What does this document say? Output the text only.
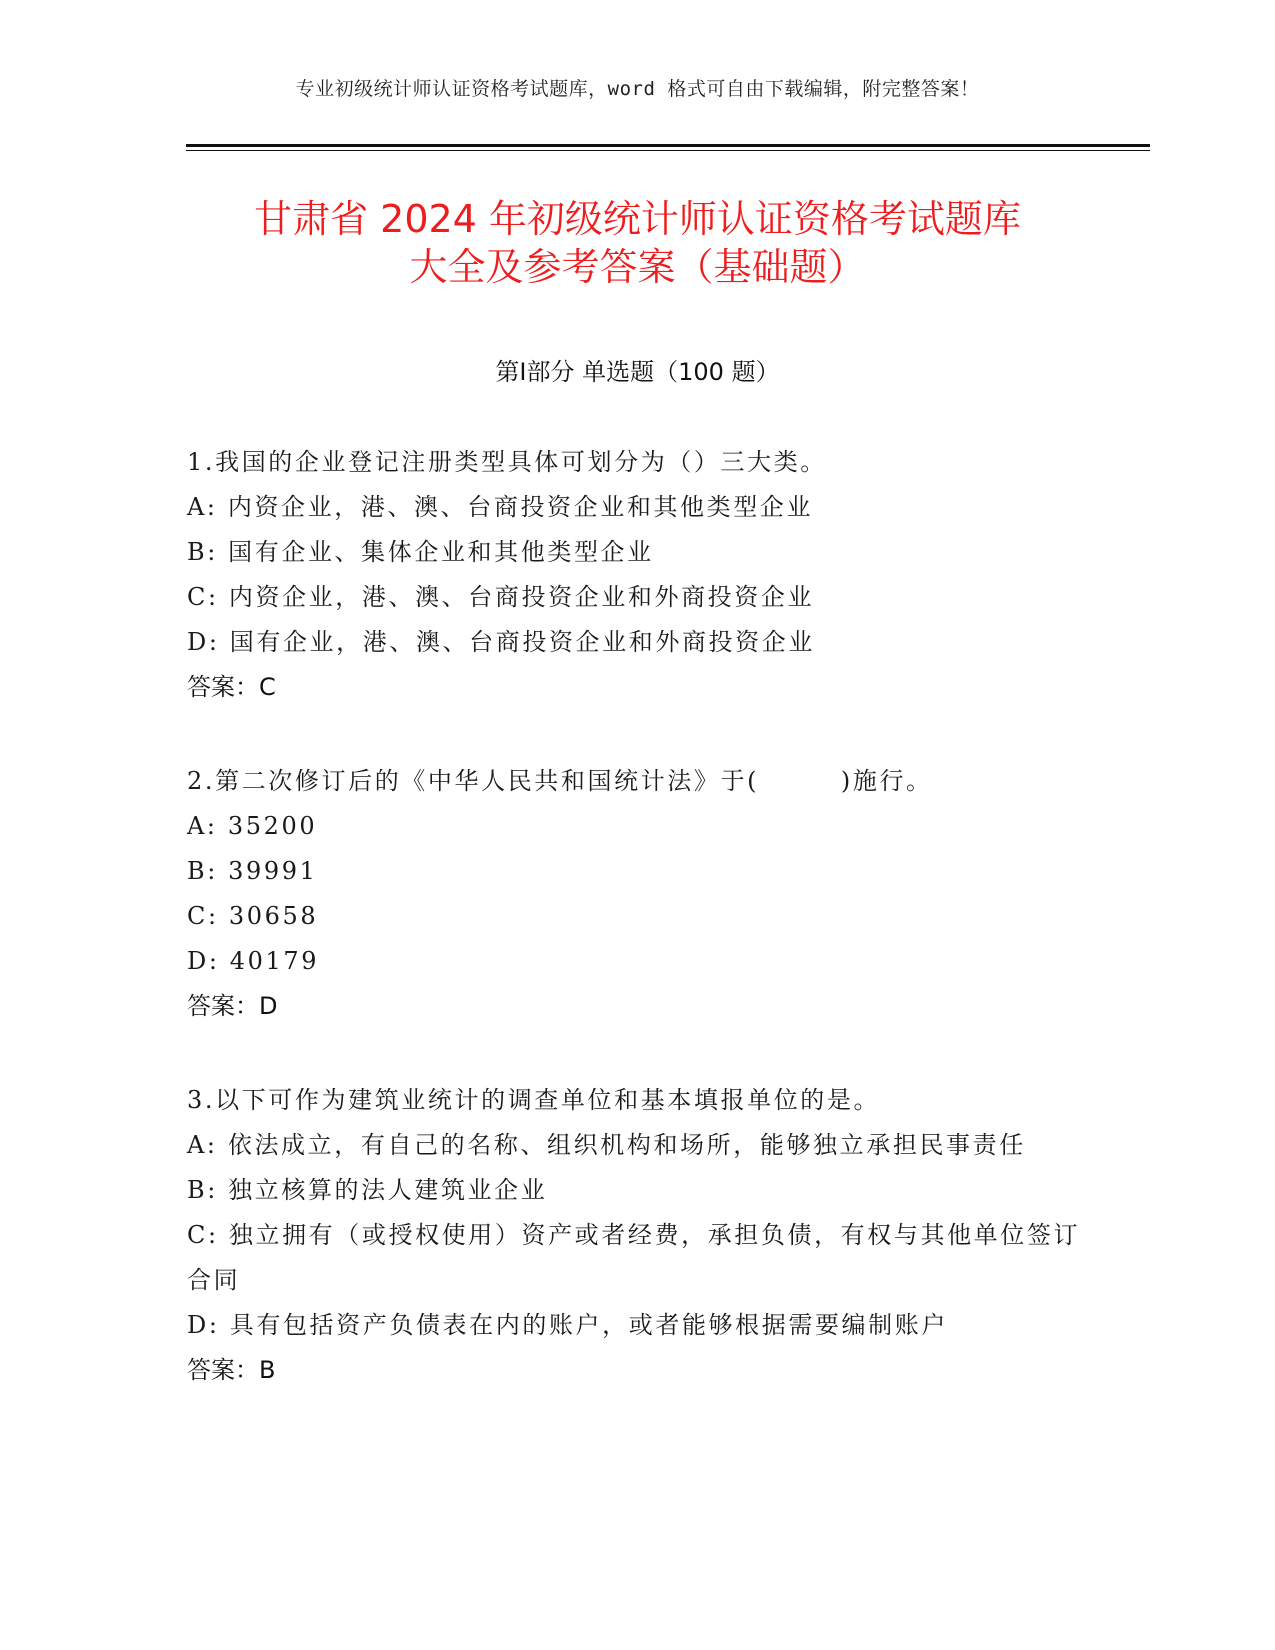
专业初级统计师认证资格考试题库，word 格式可自由下载编辑，附完整答案！
甘肃省 2024 年初级统计师认证资格考试题库
大全及参考答案（基础题）
第Ⅰ部分 单选题（100 题）
1.我国的企业登记注册类型具体可划分为（）三大类。
A: 内资企业，港、澳、台商投资企业和其他类型企业
B: 国有企业、集体企业和其他类型企业
C: 内资企业，港、澳、台商投资企业和外商投资企业
D: 国有企业，港、澳、台商投资企业和外商投资企业
答案：C
2.第二次修订后的《中华人民共和国统计法》于(        )施行。
A: 35200
B: 39991
C: 30658
D: 40179
答案：D
3.以下可作为建筑业统计的调查单位和基本填报单位的是。
A: 依法成立，有自己的名称、组织机构和场所，能够独立承担民事责任
B: 独立核算的法人建筑业企业
C: 独立拥有（或授权使用）资产或者经费，承担负债，有权与其他单位签订合同
D: 具有包括资产负债表在内的账户，或者能够根据需要编制账户
答案：B
